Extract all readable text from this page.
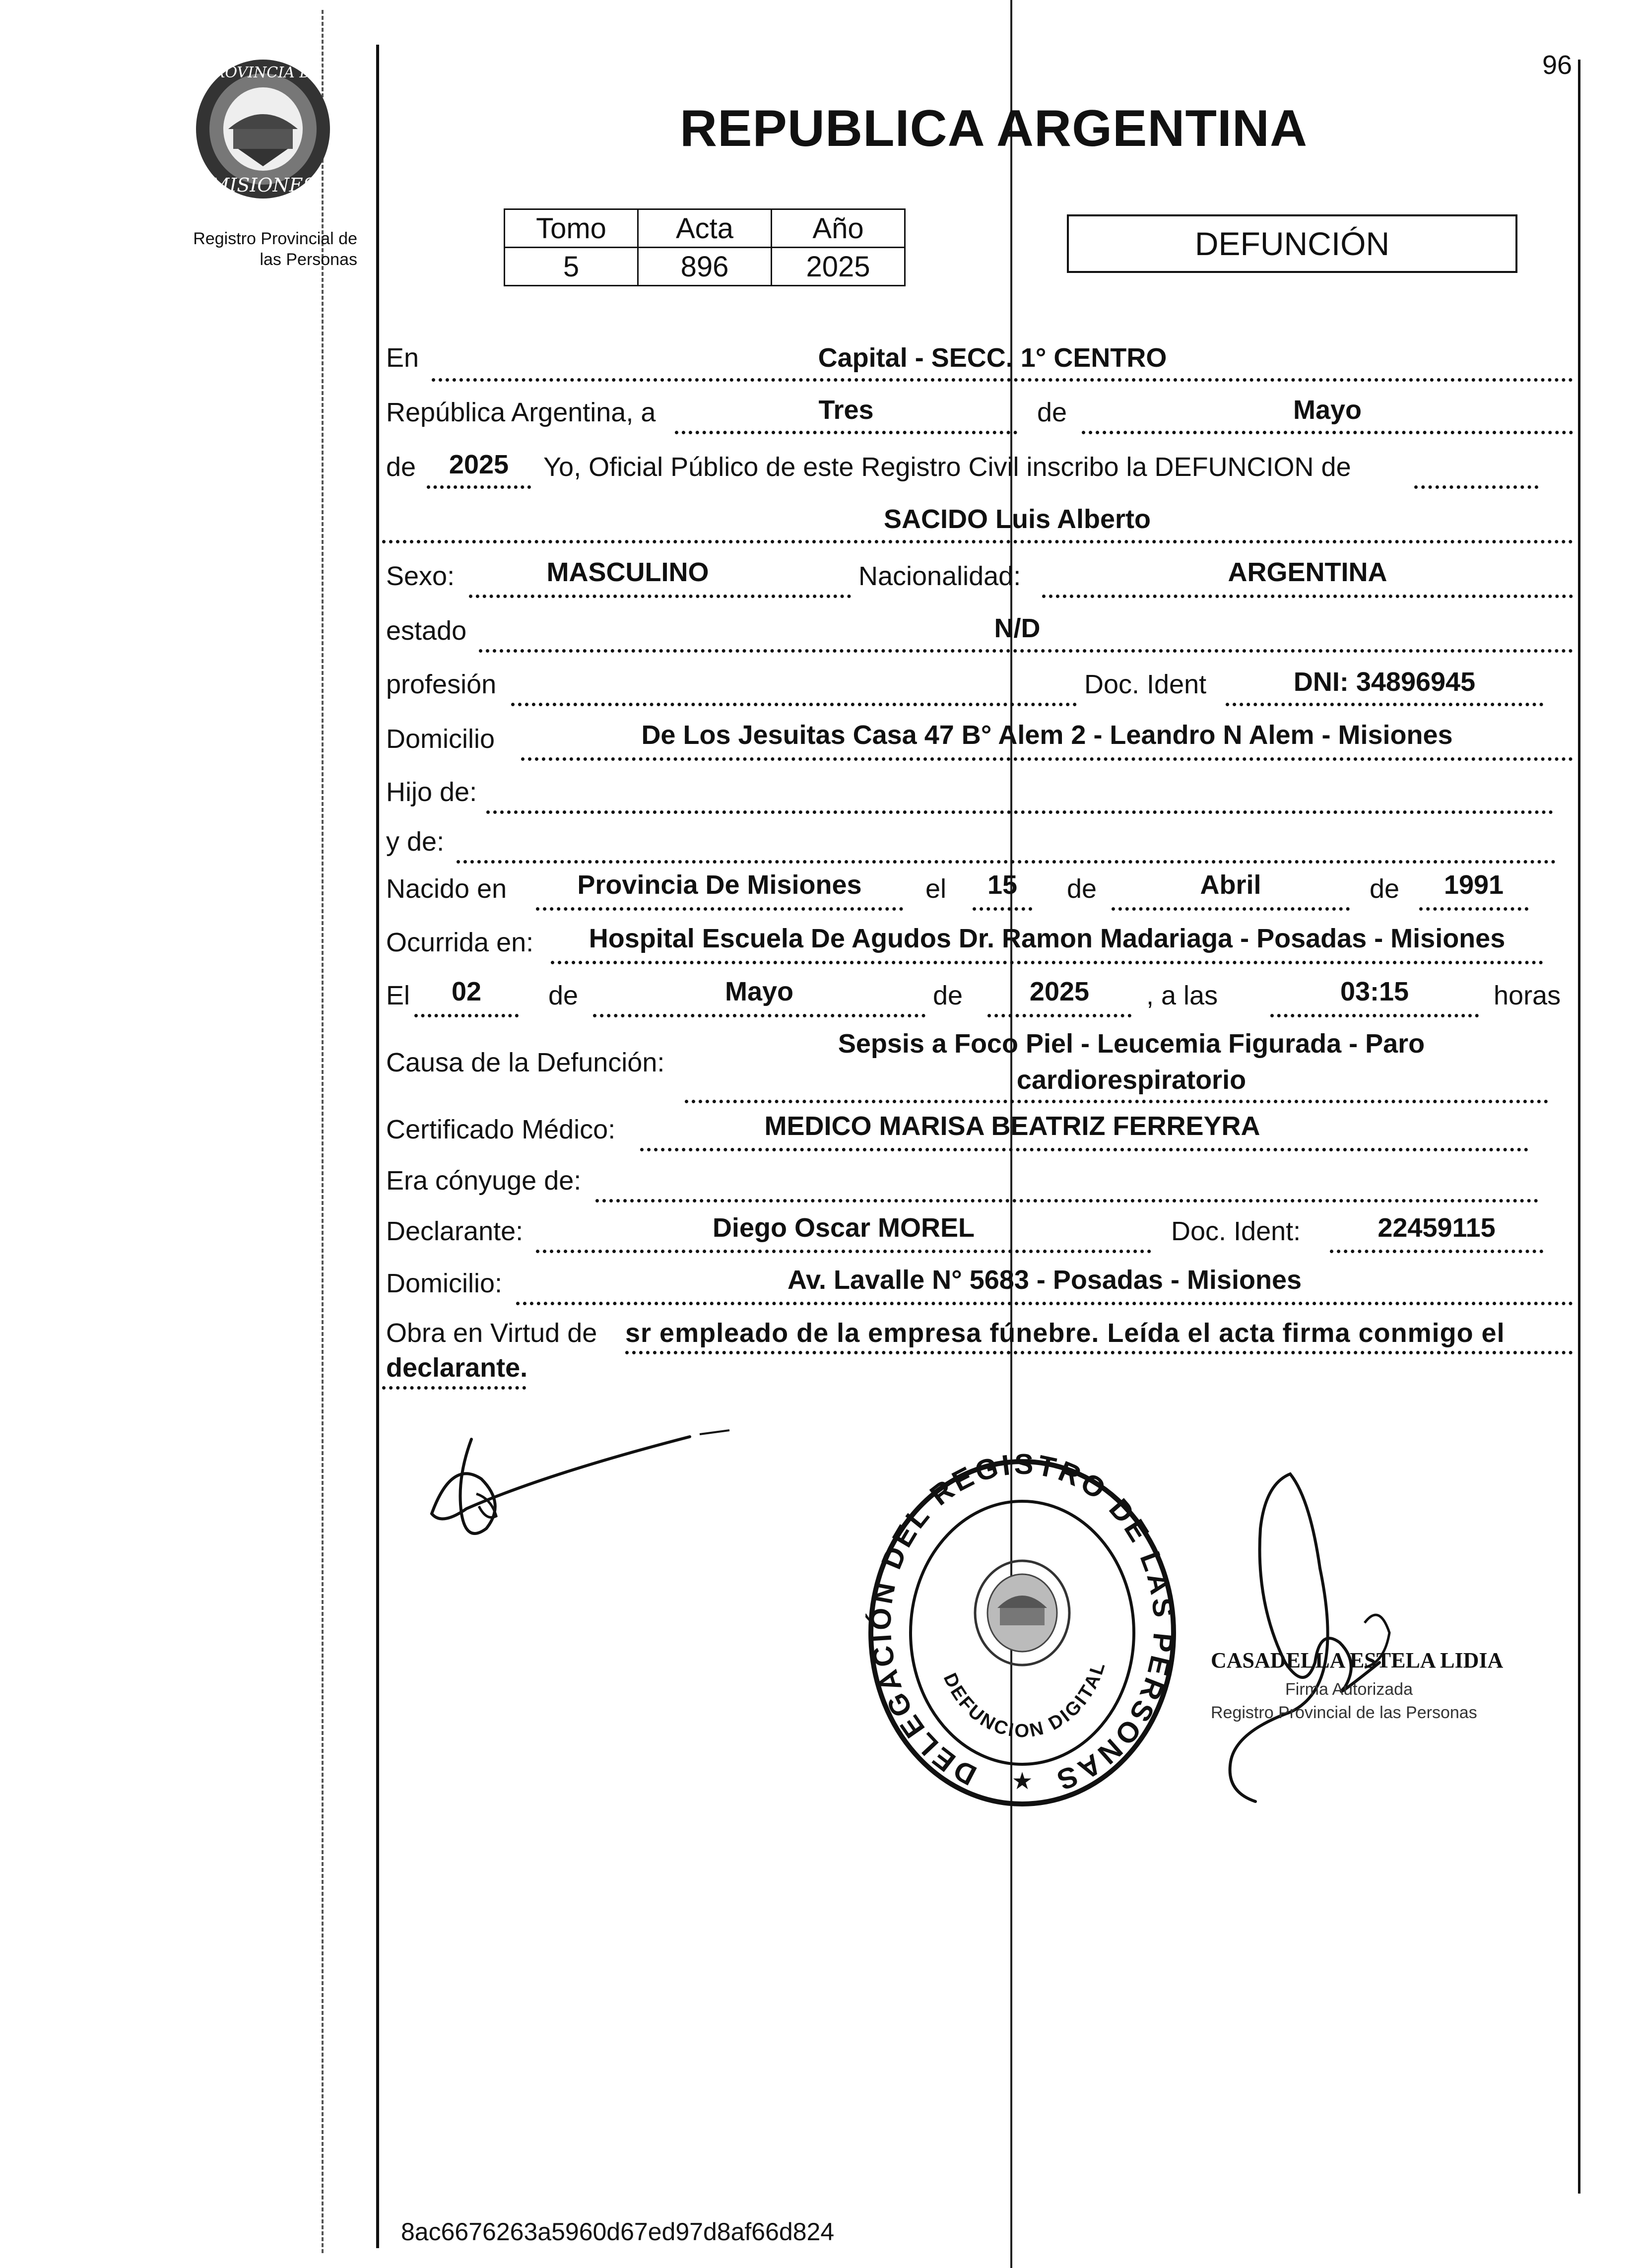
96
PROVINCIA DE
MISIONES
Registro Provincial de
las Personas
REPUBLICA ARGENTINA
Tomo	Acta	Año
5	896	2025
DEFUNCIÓN
En	Capital - SECC. 1° CENTRO
República Argentina, a	Tres	de	Mayo
de	2025	Yo, Oficial Público de este Registro Civil inscribo la DEFUNCION de
SACIDO Luis Alberto
Sexo:	MASCULINO	Nacionalidad:	ARGENTINA
estado	N/D
profesión	Doc. Ident	DNI: 34896945
Domicilio	De Los Jesuitas Casa 47 B° Alem 2 - Leandro N Alem - Misiones
Hijo de:
y de:
Nacido en	Provincia De Misiones	el	15	de	Abril	de	1991
Ocurrida en:	Hospital Escuela De Agudos Dr. Ramon Madariaga - Posadas - Misiones
El	02	de	Mayo	de	2025	, a las	03:15	horas
Causa de la Defunción:
Sepsis a Foco Piel - Leucemia Figurada - Paro
cardiorespiratorio
Certificado Médico:	MEDICO MARISA BEATRIZ FERREYRA
Era cónyuge de:
Declarante:	Diego Oscar MOREL	Doc. Ident:	22459115
Domicilio:	Av. Lavalle N° 5683 - Posadas - Misiones
Obra en Virtud de sr empleado de la empresa fúnebre. Leída el acta firma conmigo el
declarante.
DELEGACIÓN DEL REGISTRO DE LAS PERSONAS
DEFUNCION DIGITAL
★
CASADELLA ESTELA LIDIA
Firma Autorizada
Registro Provincial de las Personas
8ac6676263a5960d67ed97d8af66d824
